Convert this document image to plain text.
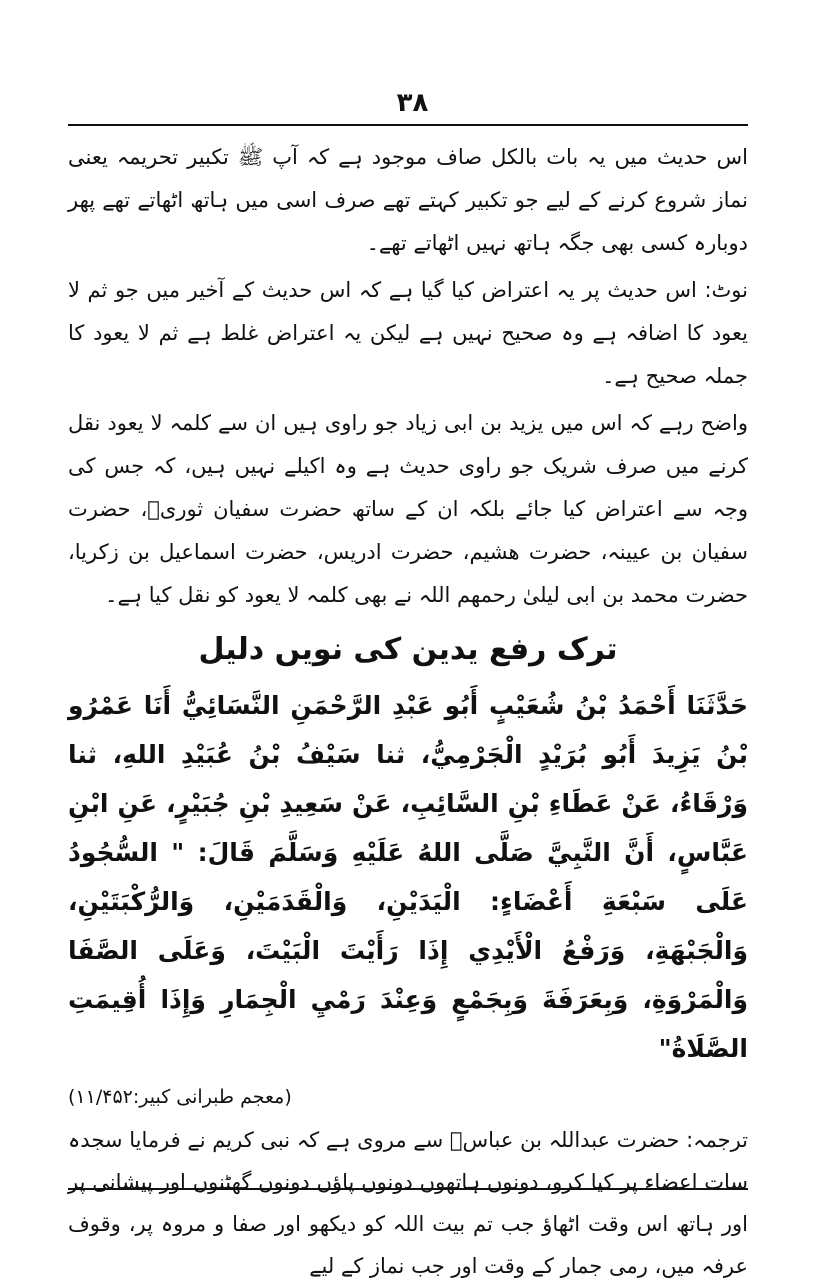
۳۸

اس حدیث میں یہ بات بالکل صاف موجود ہے کہ آپ ﷺ تکبیر تحریمہ یعنی نماز شروع کرنے کے لیے جو تکبیر کہتے تھے صرف اسی میں ہاتھ اٹھاتے تھے پھر دوبارہ کسی بھی جگہ ہاتھ نہیں اٹھاتے تھے۔

نوٹ: اس حدیث پر یہ اعتراض کیا گیا ہے کہ اس حدیث کے آخیر میں جو ثم لا یعود کا اضافہ ہے وہ صحیح نہیں ہے لیکن یہ اعتراض غلط ہے ثم لا یعود کا جملہ صحیح ہے۔

واضح رہے کہ اس میں یزید بن ابی زیاد جو راوی ہیں ان سے کلمہ لا یعود نقل کرنے میں صرف شریک جو راوی حدیث ہے وہ اکیلے نہیں ہیں، کہ جس کی وجہ سے اعتراض کیا جائے بلکہ ان کے ساتھ حضرت سفیان ثوریؒ، حضرت سفیان بن عیینہ، حضرت ھشیم، حضرت ادریس، حضرت اسماعیل بن زکریا، حضرت محمد بن ابی لیلیٰ رحمھم اللہ نے بھی کلمہ لا یعود کو نقل کیا ہے۔

ترک رفع یدین کی نویں دلیل

حَدَّثَنَا أَحْمَدُ بْنُ شُعَيْبٍ أَبُو عَبْدِ الرَّحْمَنِ النَّسَائِيُّ أَنَا عَمْرُو بْنُ يَزِيدَ أَبُو بُرَيْدٍ الْجَرْمِيُّ، ثنا سَيْفُ بْنُ عُبَيْدِ اللهِ، ثنا وَرْقَاءُ، عَنْ عَطَاءِ بْنِ السَّائِبِ، عَنْ سَعِيدِ بْنِ جُبَيْرٍ، عَنِ ابْنِ عَبَّاسٍ، أَنَّ النَّبِيَّ صَلَّى اللهُ عَلَيْهِ وَسَلَّمَ قَالَ: " السُّجُودُ عَلَى سَبْعَةِ أَعْضَاءٍ: الْيَدَيْنِ، وَالْقَدَمَيْنِ، وَالرُّكْبَتَيْنِ، وَالْجَبْهَةِ، وَرَفْعُ الْأَيْدِي إِذَا رَأَيْتَ الْبَيْتَ، وَعَلَى الصَّفَا وَالْمَرْوَةِ، وَبِعَرَفَةَ وَبِجَمْعٍ وَعِنْدَ رَمْيِ الْجِمَارِ وَإِذَا أُقِيمَتِ الصَّلَاةُ"

(معجم طبرانی کبیر:۱۱/۴۵۲)

ترجمہ: حضرت عبداللہ بن عباسؓ سے مروی ہے کہ نبی کریم نے فرمایا سجدہ سات اعضاء پر کیا کرو، دونوں ہاتھوں دونوں پاؤں دونوں گھٹنوں اور پیشانی پر اور ہاتھ اس وقت اٹھاؤ جب تم بیت اللہ کو دیکھو اور صفا و مروہ پر، وقوف عرفہ میں، رمی جمار کے وقت اور جب نماز کے لیے
